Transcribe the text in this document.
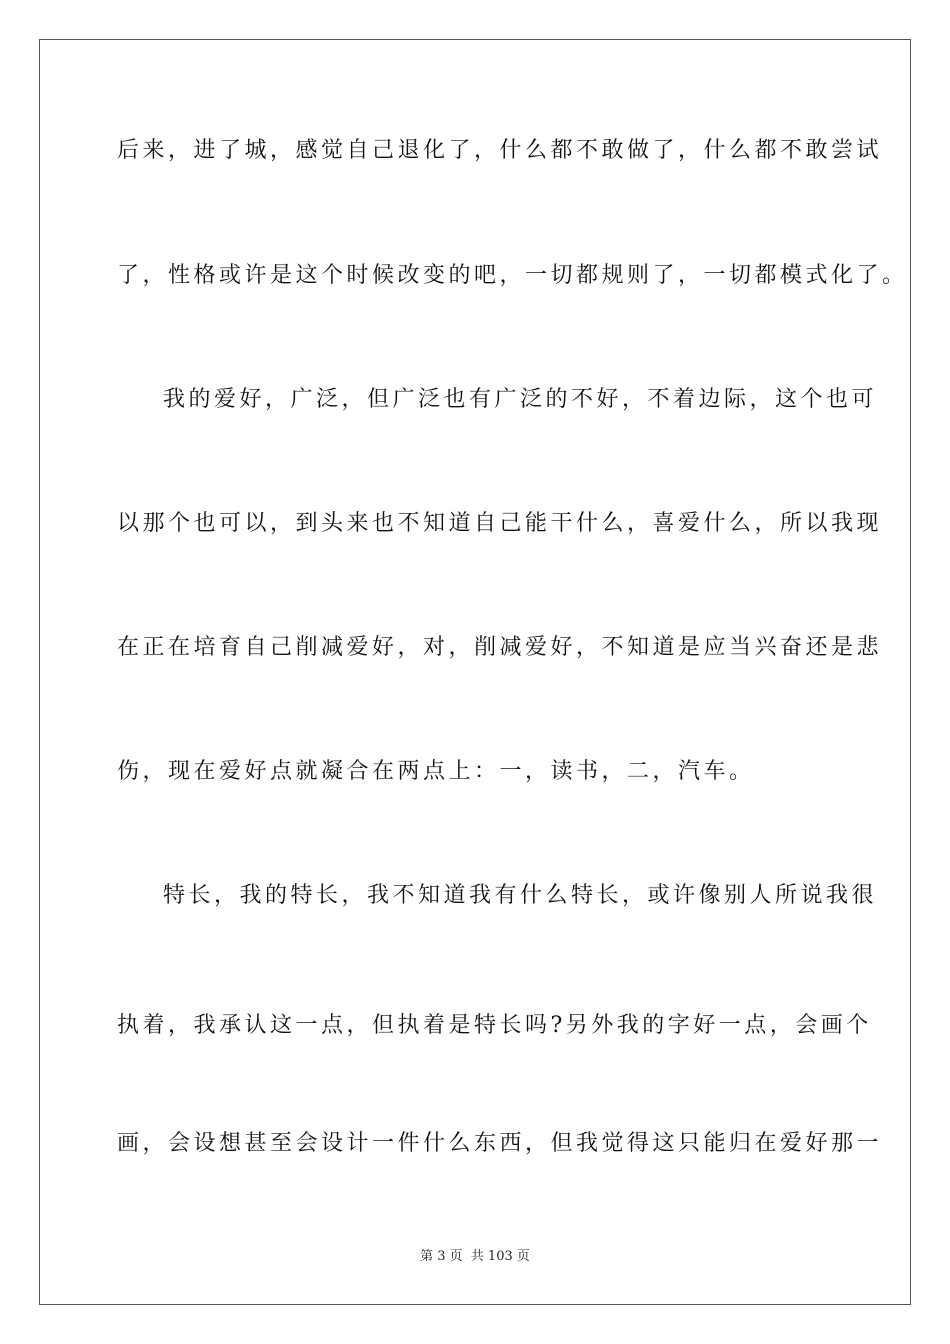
后来，进了城，感觉自己退化了，什么都不敢做了，什么都不敢尝试
了，性格或许是这个时候改变的吧，一切都规则了，一切都模式化了。
我的爱好，广泛，但广泛也有广泛的不好，不着边际，这个也可
以那个也可以，到头来也不知道自己能干什么，喜爱什么，所以我现
在正在培育自己削减爱好，对，削减爱好，不知道是应当兴奋还是悲
伤，现在爱好点就凝合在两点上：一，读书，二，汽车。
特长，我的特长，我不知道我有什么特长，或许像别人所说我很
执着，我承认这一点，但执着是特长吗?另外我的字好一点，会画个
画，会设想甚至会设计一件什么东西，但我觉得这只能归在爱好那一
第 3 页 共 103 页
